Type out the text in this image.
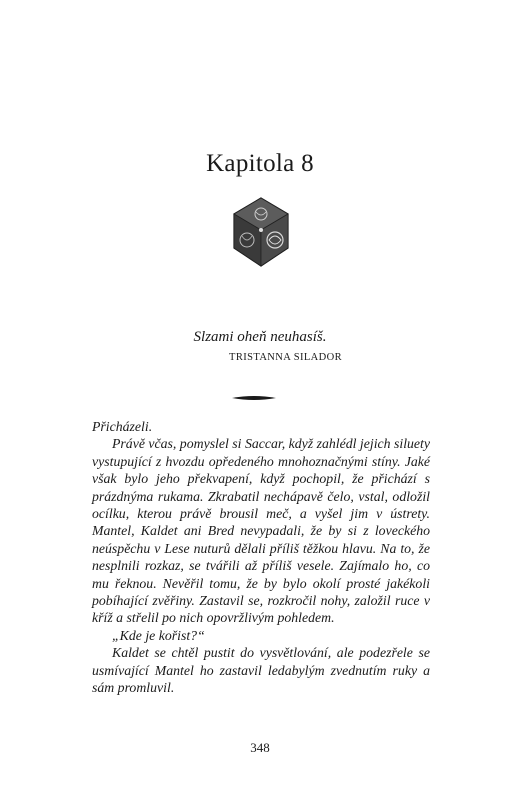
Kapitola 8
Slzami oheň neuhasíš.
TRISTANNA SILADOR

Přicházeli.

Právě včas, pomyslel si Saccar, když zahlédl jejich siluety vystupující z hvozdu opředeného mnohoznačnými stíny. Jaké však bylo jeho překvapení, když pochopil, že přichází s prázdnýma rukama. Zkrabatil nechápavě čelo, vstal, odložil ocílku, kterou právě brousil meč, a vyšel jim v ústrety. Mantel, Kaldet ani Bred nevypadali, že by si z loveckého neúspěchu v Lese nuturů dělali příliš těžkou hlavu. Na to, že nesplnili rozkaz, se tvářili až příliš vesele. Zajímalo ho, co mu řeknou. Nevěřil tomu, že by bylo okolí prosté jakékoli pobíhající zvěřiny. Zastavil se, rozkročil nohy, založil ruce v kříž a střelil po nich opovržlivým pohledem.

„Kde je kořist?“

Kaldet se chtěl pustit do vysvětlování, ale podezřele se usmívající Mantel ho zastavil ledabylým zvednutím ruky a sám promluvil.

348
